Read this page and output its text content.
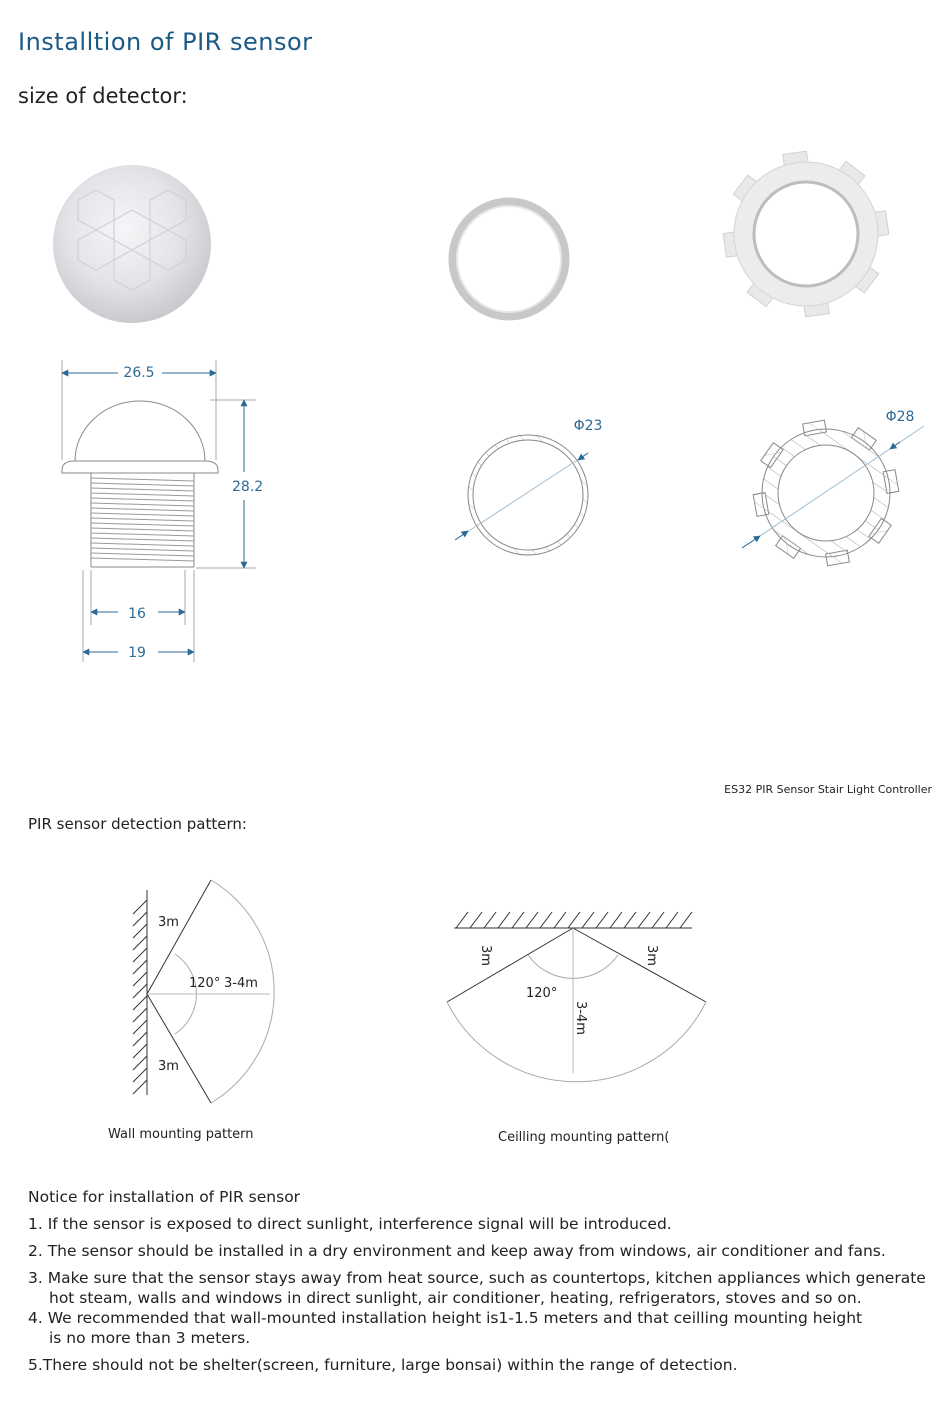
Installtion of PIR sensor
size of detector:
26.5
28.2
16
19
Φ23
Φ28
ES32 PIR Sensor Stair Light Controller
PIR sensor detection pattern:
3m
3m
120° 3-4m
Wall mounting pattern
3m	3m
120°
3-4m
Ceilling mounting pattern(
Notice for installation of PIR sensor
1. If the sensor is exposed to direct sunlight, interference signal will be introduced.
2. The sensor should be installed in a dry environment and keep away from windows, air conditioner and fans.
3. Make sure that the sensor stays away from heat source, such as countertops, kitchen appliances which generate
hot steam, walls and windows in direct sunlight, air conditioner, heating, refrigerators, stoves and so on.
4. We recommended that wall-mounted installation height is1-1.5 meters and that ceilling mounting height
is no more than 3 meters.
5.There should not be shelter(screen, furniture, large bonsai) within the range of detection.
